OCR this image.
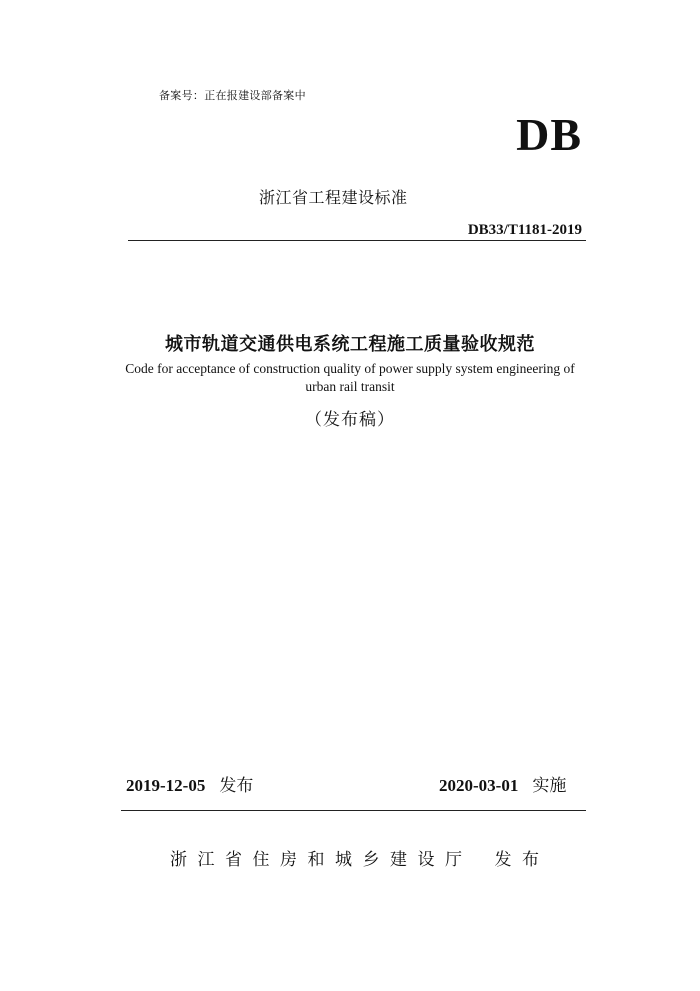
备案号：正在报建设部备案中
DB
浙江省工程建设标准
DB33/T1181-2019
城市轨道交通供电系统工程施工质量验收规范
Code for acceptance of construction quality of power supply system engineering of urban rail transit
（发布稿）
2019-12-05 发布	2020-03-01 实施
浙江省住房和城乡建设厅 发布
